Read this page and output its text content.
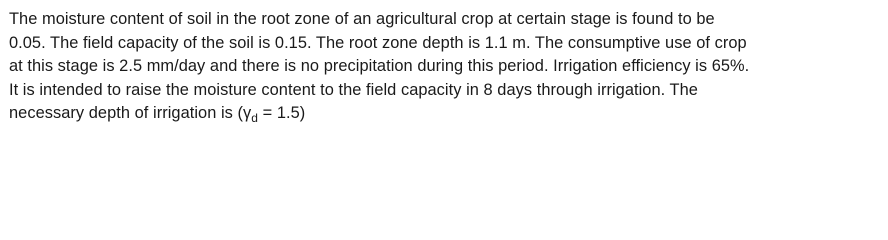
The moisture content of soil in the root zone of an agricultural crop at certain stage is found to be
0.05. The field capacity of the soil is 0.15. The root zone depth is 1.1 m. The consumptive use of crop
at this stage is 2.5 mm/day and there is no precipitation during this period. Irrigation efficiency is 65%.
It is intended to raise the moisture content to the field capacity in 8 days through irrigation. The
necessary depth of irrigation is $(\gamma_d = 1.5)$
